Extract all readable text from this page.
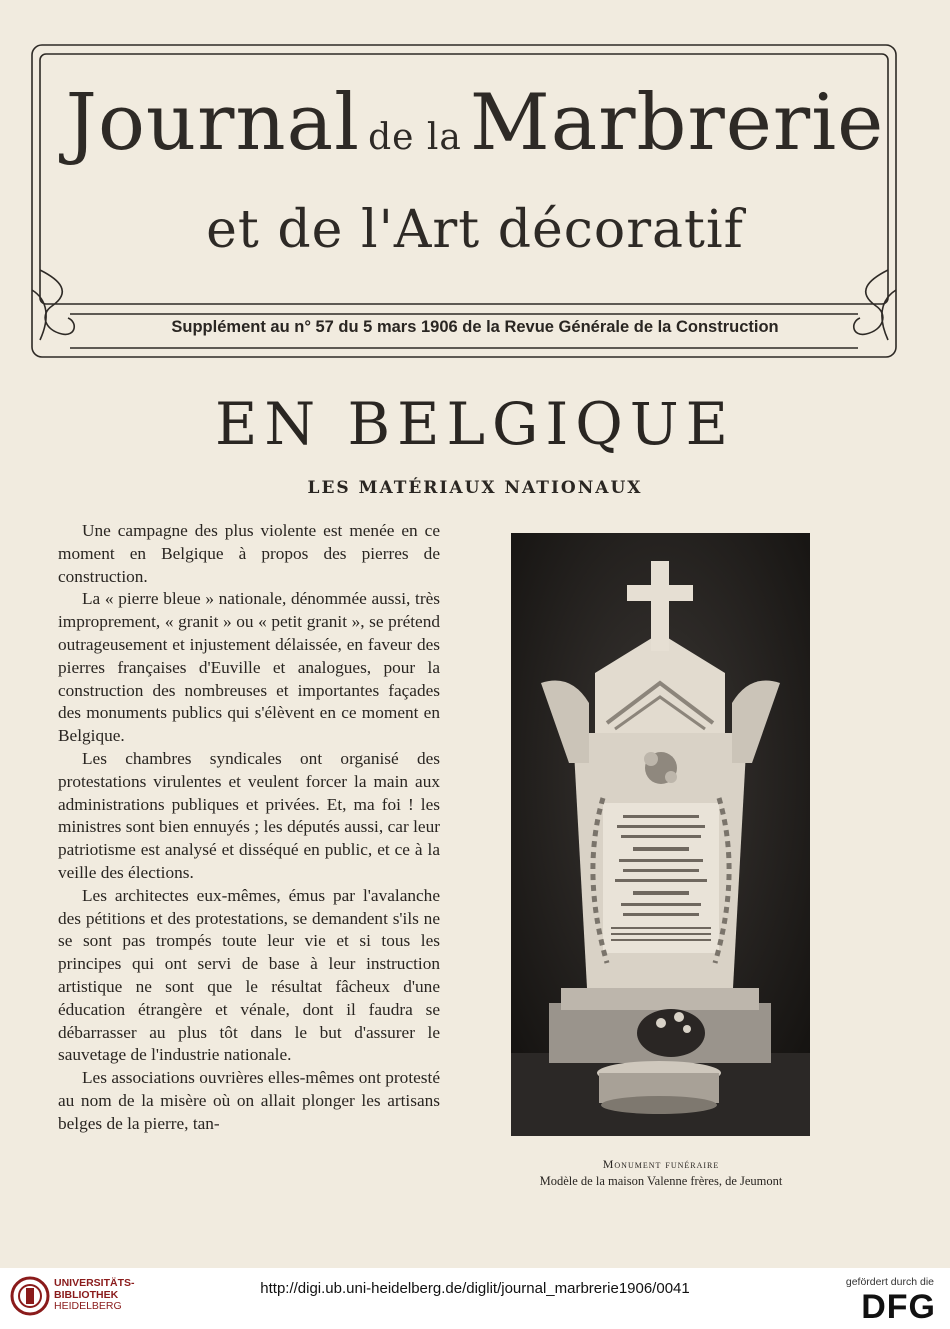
Journal de la Marbrerie
et de l'Art décoratif
Supplément au n° 57 du 5 mars 1906 de la Revue Générale de la Construction
EN BELGIQUE
LES MATÉRIAUX NATIONAUX

Une campagne des plus violente est menée en ce moment en Belgique à propos des pierres de construction.

La « pierre bleue » nationale, dénommée aussi, très improprement, « granit » ou « petit granit », se prétend outrageusement et injustement délaissée, en faveur des pierres françaises d'Euville et analogues, pour la construction des nombreuses et importantes façades des monuments publics qui s'élèvent en ce moment en Belgique.

Les chambres syndicales ont organisé des protestations virulentes et veulent forcer la main aux administrations publiques et privées. Et, ma foi ! les ministres sont bien ennuyés ; les députés aussi, car leur patriotisme est analysé et disséqué en public, et ce à la veille des élections.

Les architectes eux-mêmes, émus par l'avalanche des pétitions et des protestations, se demandent s'ils ne se sont pas trompés toute leur vie et si tous les principes qui ont servi de base à leur instruction artistique ne sont que le résultat fâcheux d'une éducation étrangère et vénale, dont il faudra se débarrasser au plus tôt dans le but d'assurer le sauvetage de l'industrie nationale.

Les associations ouvrières elles-mêmes ont protesté au nom de la misère où on allait plonger les artisans belges de la pierre, tan-

Monument funéraire
Modèle de la maison Valenne frères, de Jeumont
UNIVERSITÄTS-
BIBLIOTHEK
HEIDELBERG
http://digi.ub.uni-heidelberg.de/diglit/journal_marbrerie1906/0041	gefördert durch die
DFG
